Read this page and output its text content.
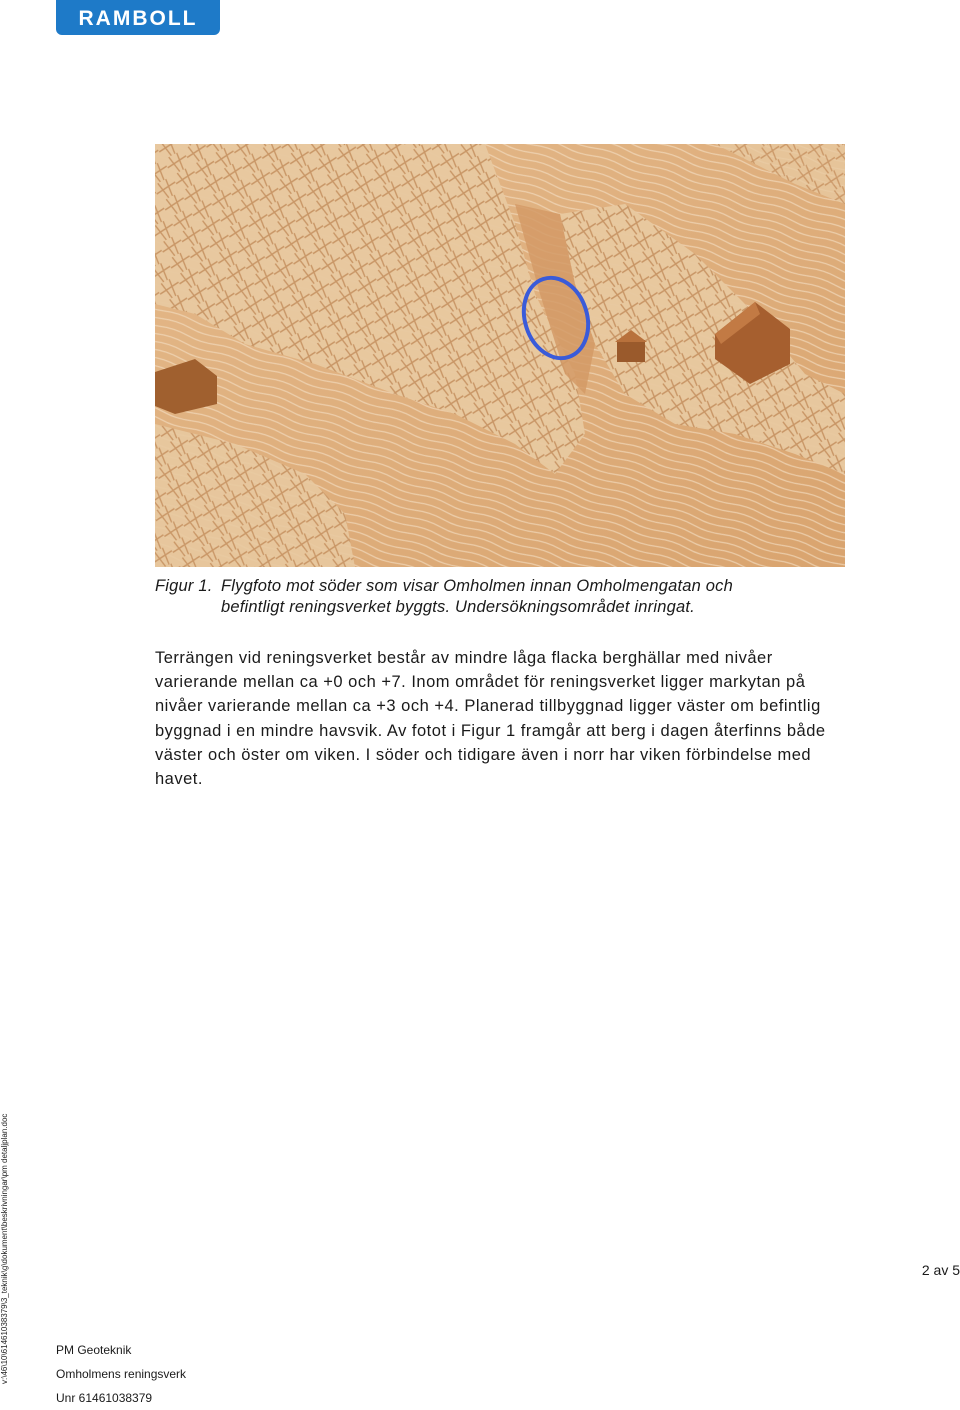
RAMBOLL
Figur 1. Flygfoto mot söder som visar Omholmen innan Omholmengatan och
befintligt reningsverket byggts. Undersökningsområdet inringat.

Terrängen vid reningsverket består av mindre låga flacka berghällar med nivåer varierande mellan ca +0 och +7. Inom området för reningsverket ligger markytan på nivåer varierande mellan ca +3 och +4. Planerad tillbyggnad ligger väster om befintlig byggnad i en mindre havsvik. Av fotot i Figur 1 framgår att berg i dagen återfinns både väster och öster om viken. I söder och tidigare även i norr har viken förbindelse med havet.

2 av 5
v:\46\10\61461038379\3_teknik\g\dokument\beskrivningar\pm detaljplan.doc	PM Geoteknik
Omholmens reningsverk
Unr 61461038379
